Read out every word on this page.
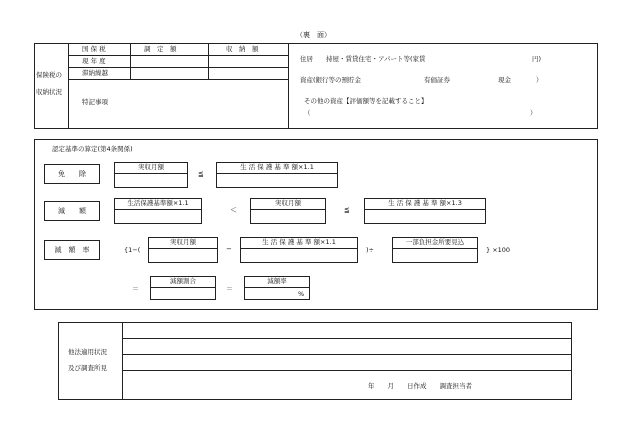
（裏　面）
保険税の
収納状況
国 保 税	調　定　額	収　納　額
現 年 度
滞納繰越
特記事項
住居　　持屋・賃貸住宅・アパート等(家賃	円)
資産(銀行等の預貯金	有価証券	現金	）
その他の資産【評価額等を記載すること】
（	）
認定基準の算定(第4条関係)
免　　除
実収月額
≦
生 活 保 護 基 準 額×1.1
減　　額
生活保護基準額×1.1
＜
実収月額
≦
生 活 保 護 基 準 額×1.3
減　額　率	{1−(
実収月額
−
生 活 保 護 基 準 額×1.1
)÷
一部負担金所要見込
} ×100
＝
減額割合
＝
減額率
%
他法適用状況
及び調査所見
年　　月　　日作成　　調査担当者
